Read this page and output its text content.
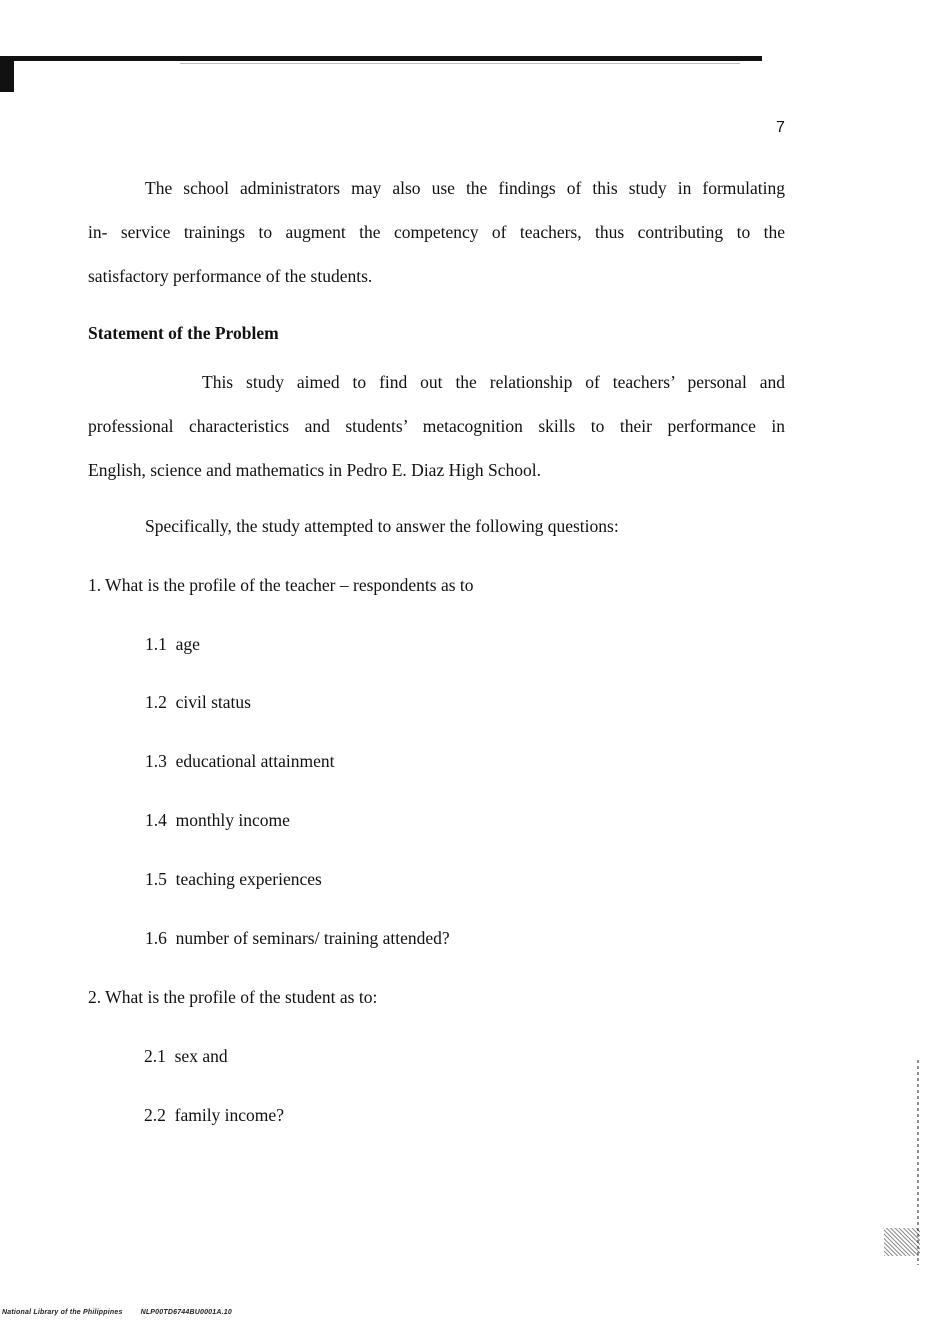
7
The school administrators may also use the findings of this study in formulating
in- service trainings to augment the competency of teachers, thus contributing to the
satisfactory performance of the students.
Statement of the Problem
This study aimed to find out the relationship of teachers’ personal and
professional characteristics and students’ metacognition skills to their performance in
English, science and mathematics in Pedro E. Diaz High School.
Specifically, the study attempted to answer the following questions:
1. What is the profile of the teacher – respondents as to
1.1 age
1.2 civil status
1.3 educational attainment
1.4 monthly income
1.5 teaching experiences
1.6 number of seminars/ training attended?
2. What is the profile of the student as to:
2.1 sex and
2.2 family income?
National Library of the Philippines	NLP00TD6744BU0001A.10
